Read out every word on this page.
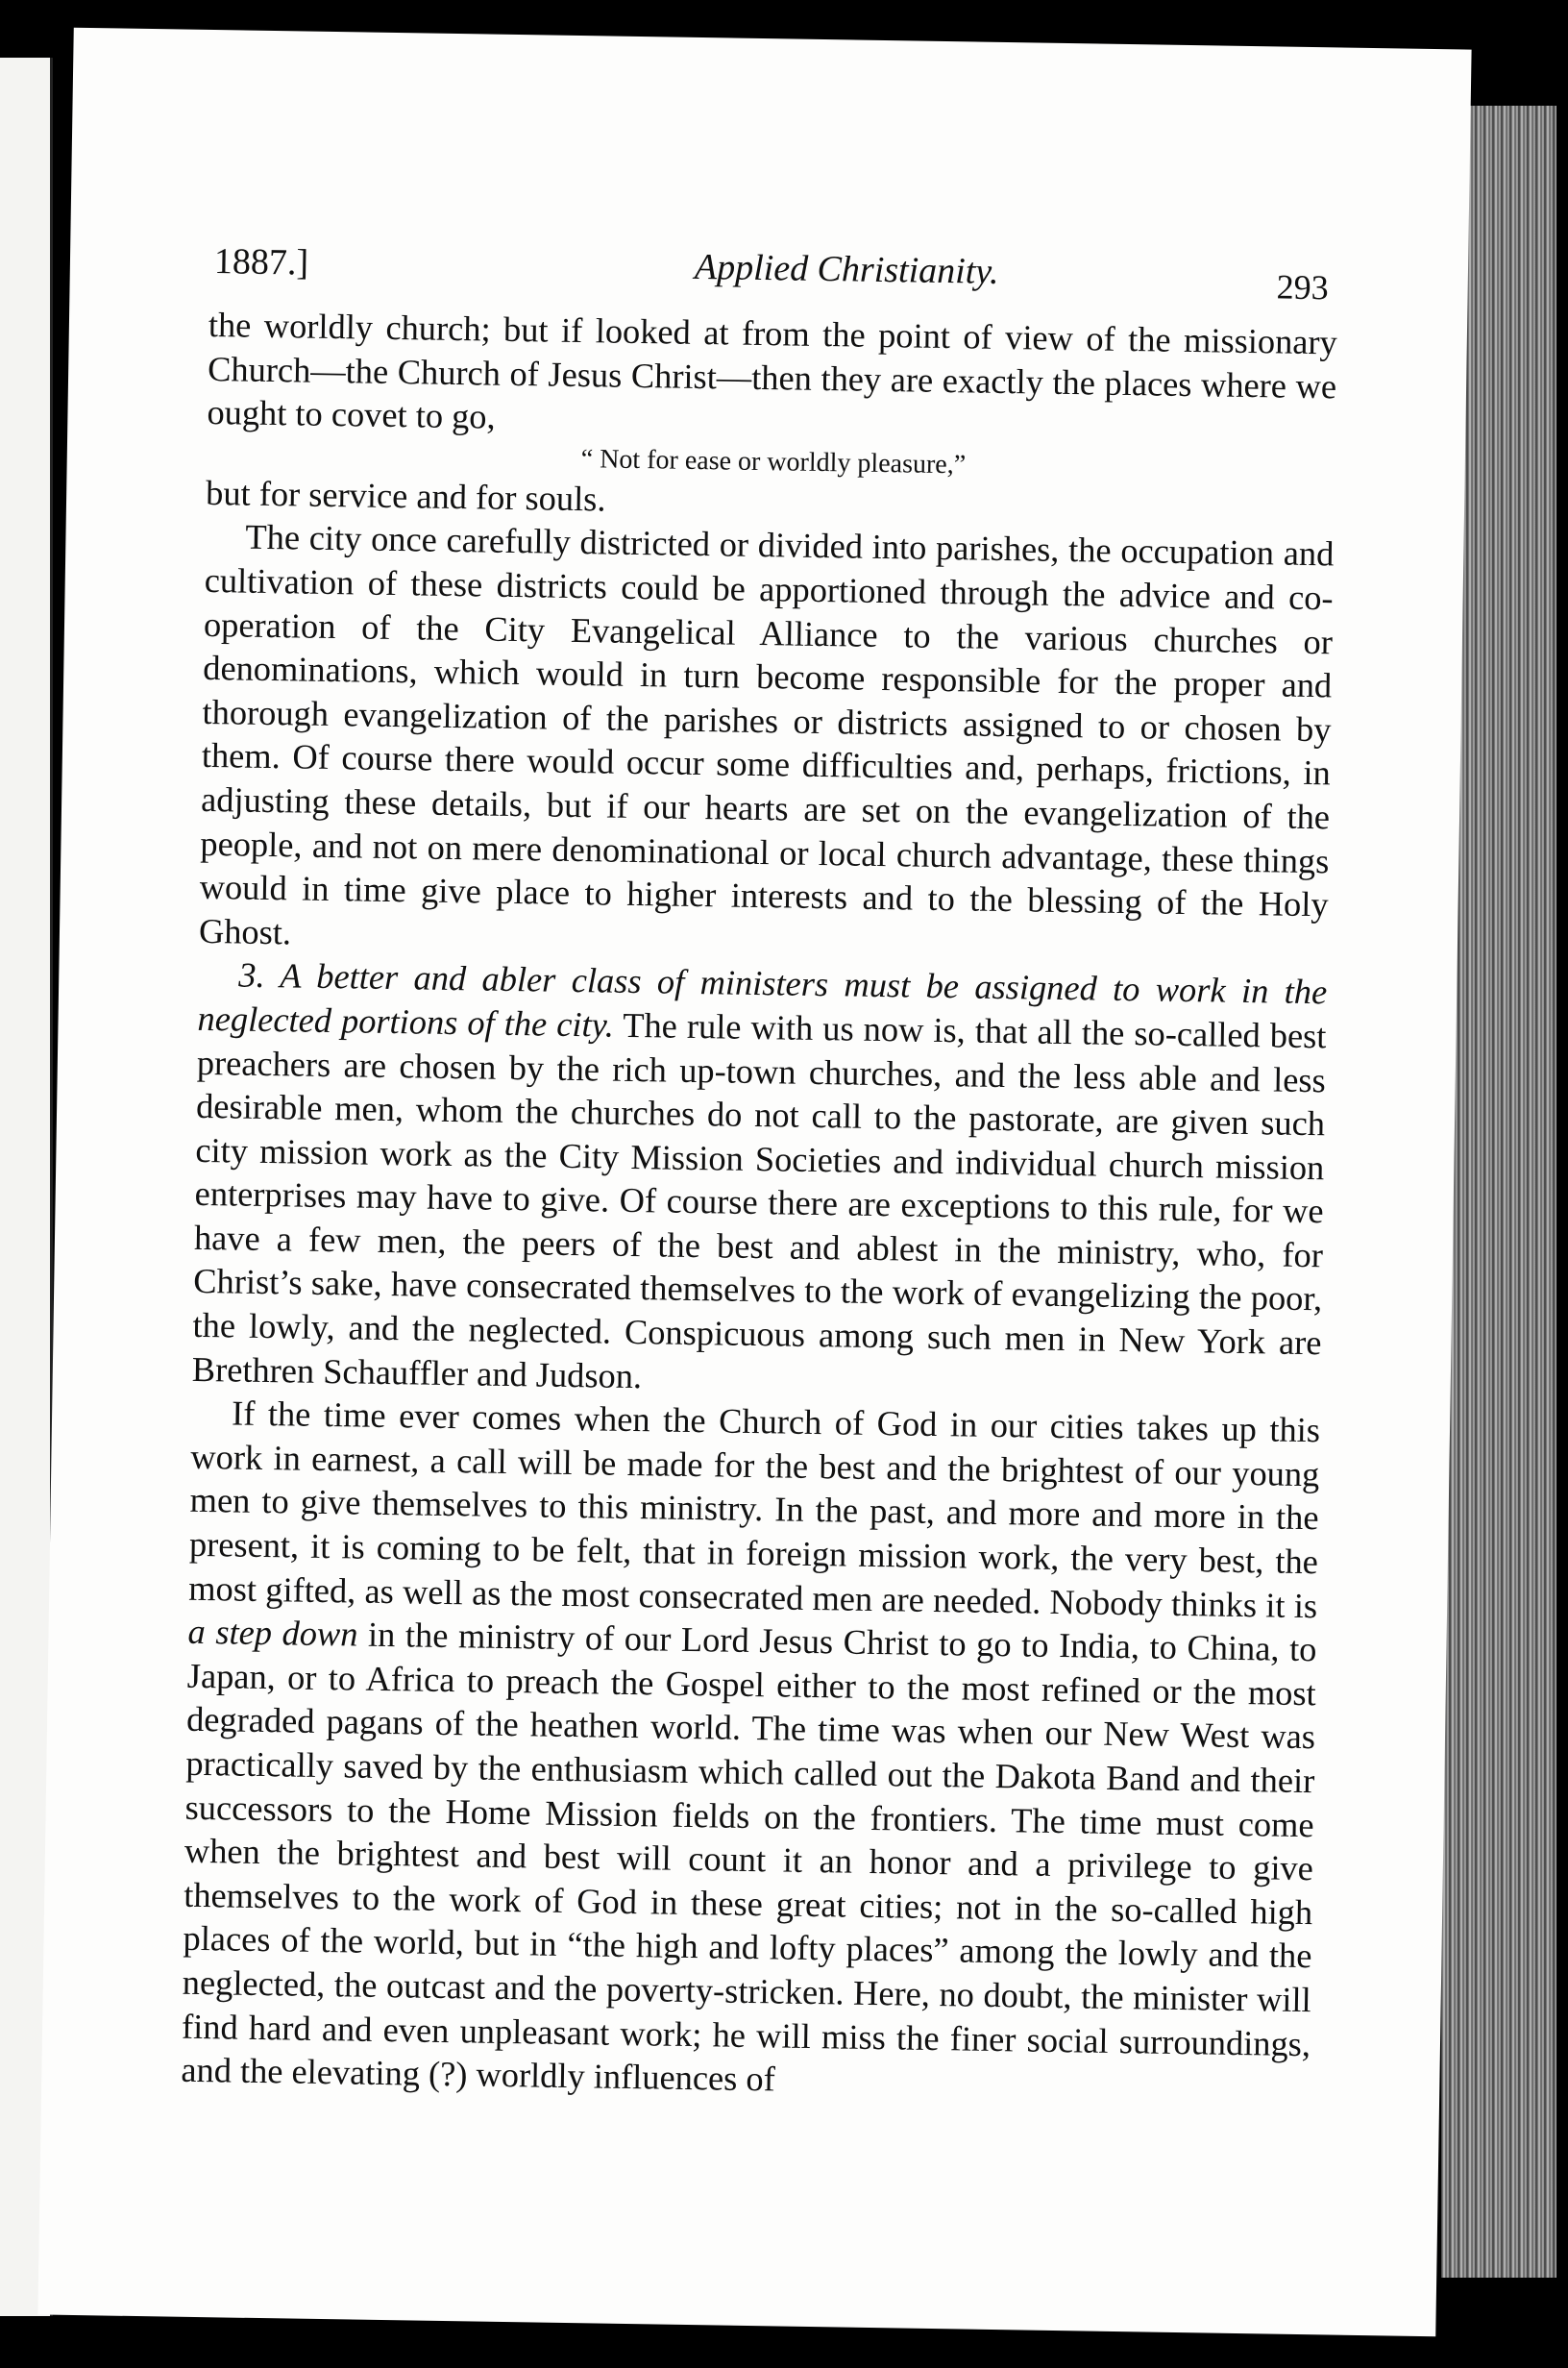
1887.]	Applied Christianity.	293

the worldly church; but if looked at from the point of view of the missionary Church—the Church of Jesus Christ—then they are exactly the places where we ought to covet to go,

“ Not for ease or worldly pleasure,”

but for service and for souls.

The city once carefully districted or divided into parishes, the occupation and cultivation of these districts could be apportioned through the advice and co-operation of the City Evangelical Alliance to the various churches or denominations, which would in turn become responsible for the proper and thorough evangelization of the parishes or districts assigned to or chosen by them. Of course there would occur some difficulties and, perhaps, frictions, in adjusting these details, but if our hearts are set on the evangelization of the people, and not on mere denominational or local church advantage, these things would in time give place to higher interests and to the blessing of the Holy Ghost.

3. A better and abler class of ministers must be assigned to work in the neglected portions of the city. The rule with us now is, that all the so-called best preachers are chosen by the rich up-town churches, and the less able and less desirable men, whom the churches do not call to the pastorate, are given such city mission work as the City Mission Societies and individual church mission enterprises may have to give. Of course there are exceptions to this rule, for we have a few men, the peers of the best and ablest in the ministry, who, for Christ’s sake, have consecrated themselves to the work of evangelizing the poor, the lowly, and the neglected. Conspicuous among such men in New York are Brethren Schauffler and Judson.

If the time ever comes when the Church of God in our cities takes up this work in earnest, a call will be made for the best and the brightest of our young men to give themselves to this ministry. In the past, and more and more in the present, it is coming to be felt, that in foreign mission work, the very best, the most gifted, as well as the most consecrated men are needed. Nobody thinks it is a step down in the ministry of our Lord Jesus Christ to go to India, to China, to Japan, or to Africa to preach the Gospel either to the most refined or the most degraded pagans of the heathen world. The time was when our New West was practically saved by the enthusiasm which called out the Dakota Band and their successors to the Home Mission fields on the frontiers. The time must come when the brightest and best will count it an honor and a privilege to give themselves to the work of God in these great cities; not in the so-called high places of the world, but in “the high and lofty places” among the lowly and the neglected, the outcast and the poverty-stricken. Here, no doubt, the minister will find hard and even unpleasant work; he will miss the finer social surroundings, and the elevating (?) worldly influences of
